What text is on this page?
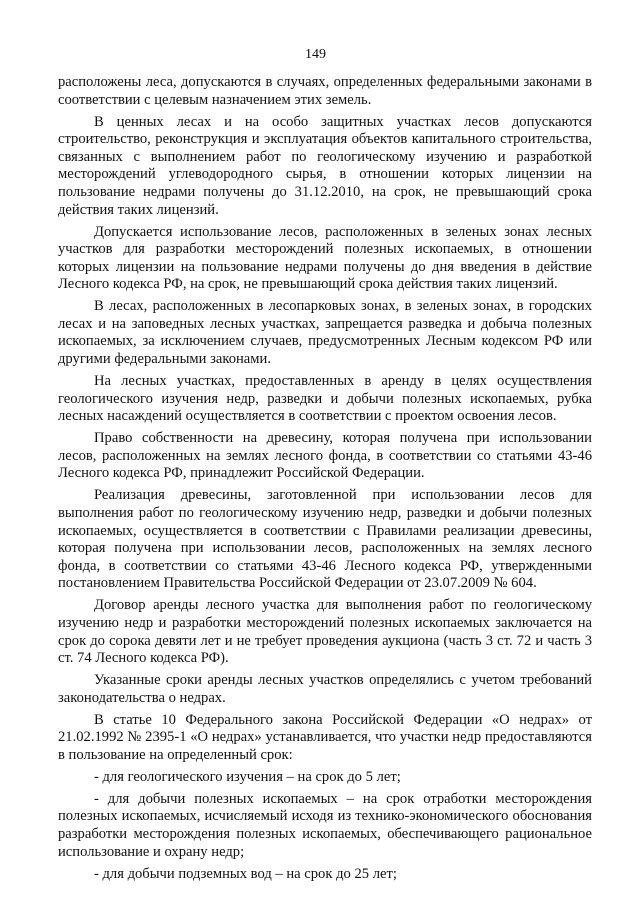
149

расположены леса, допускаются в случаях, определенных федеральными законами в соответствии с целевым назначением этих земель.

В ценных лесах и на особо защитных участках лесов допускаются строительство, реконструкция и эксплуатация объектов капитального строительства, связанных с выполнением работ по геологическому изучению и разработкой месторождений углеводородного сырья, в отношении которых лицензии на пользование недрами получены до 31.12.2010, на срок, не превышающий срока действия таких лицензий.

Допускается использование лесов, расположенных в зеленых зонах лесных участков для разработки месторождений полезных ископаемых, в отношении которых лицензии на пользование недрами получены до дня введения в действие Лесного кодекса РФ, на срок, не превышающий срока действия таких лицензий.

В лесах, расположенных в лесопарковых зонах, в зеленых зонах, в городских лесах и на заповедных лесных участках, запрещается разведка и добыча полезных ископаемых, за исключением случаев, предусмотренных Лесным кодексом РФ или другими федеральными законами.

На лесных участках, предоставленных в аренду в целях осуществления геологического изучения недр, разведки и добычи полезных ископаемых, рубка лесных насаждений осуществляется в соответствии с проектом освоения лесов.

Право собственности на древесину, которая получена при использовании лесов, расположенных на землях лесного фонда, в соответствии со статьями 43-46 Лесного кодекса РФ, принадлежит Российской Федерации.

Реализация древесины, заготовленной при использовании лесов для выполнения работ по геологическому изучению недр, разведки и добычи полезных ископаемых, осуществляется в соответствии с Правилами реализации древесины, которая получена при использовании лесов, расположенных на землях лесного фонда, в соответствии со статьями 43-46 Лесного кодекса РФ, утвержденными постановлением Правительства Российской Федерации от 23.07.2009 № 604.

Договор аренды лесного участка для выполнения работ по геологическому изучению недр и разработки месторождений полезных ископаемых заключается на срок до сорока девяти лет и не требует проведения аукциона (часть 3 ст. 72 и часть 3 ст. 74 Лесного кодекса РФ).

Указанные сроки аренды лесных участков определялись с учетом требований законодательства о недрах.

В статье 10 Федерального закона Российской Федерации «О недрах» от 21.02.1992 № 2395-1 «О недрах» устанавливается, что участки недр предоставляются в пользование на определенный срок:

- для геологического изучения – на срок до 5 лет;

- для добычи полезных ископаемых – на срок отработки месторождения полезных ископаемых, исчисляемый исходя из технико-экономического обоснования разработки месторождения полезных ископаемых, обеспечивающего рациональное использование и охрану недр;

- для добычи подземных вод – на срок до 25 лет;
